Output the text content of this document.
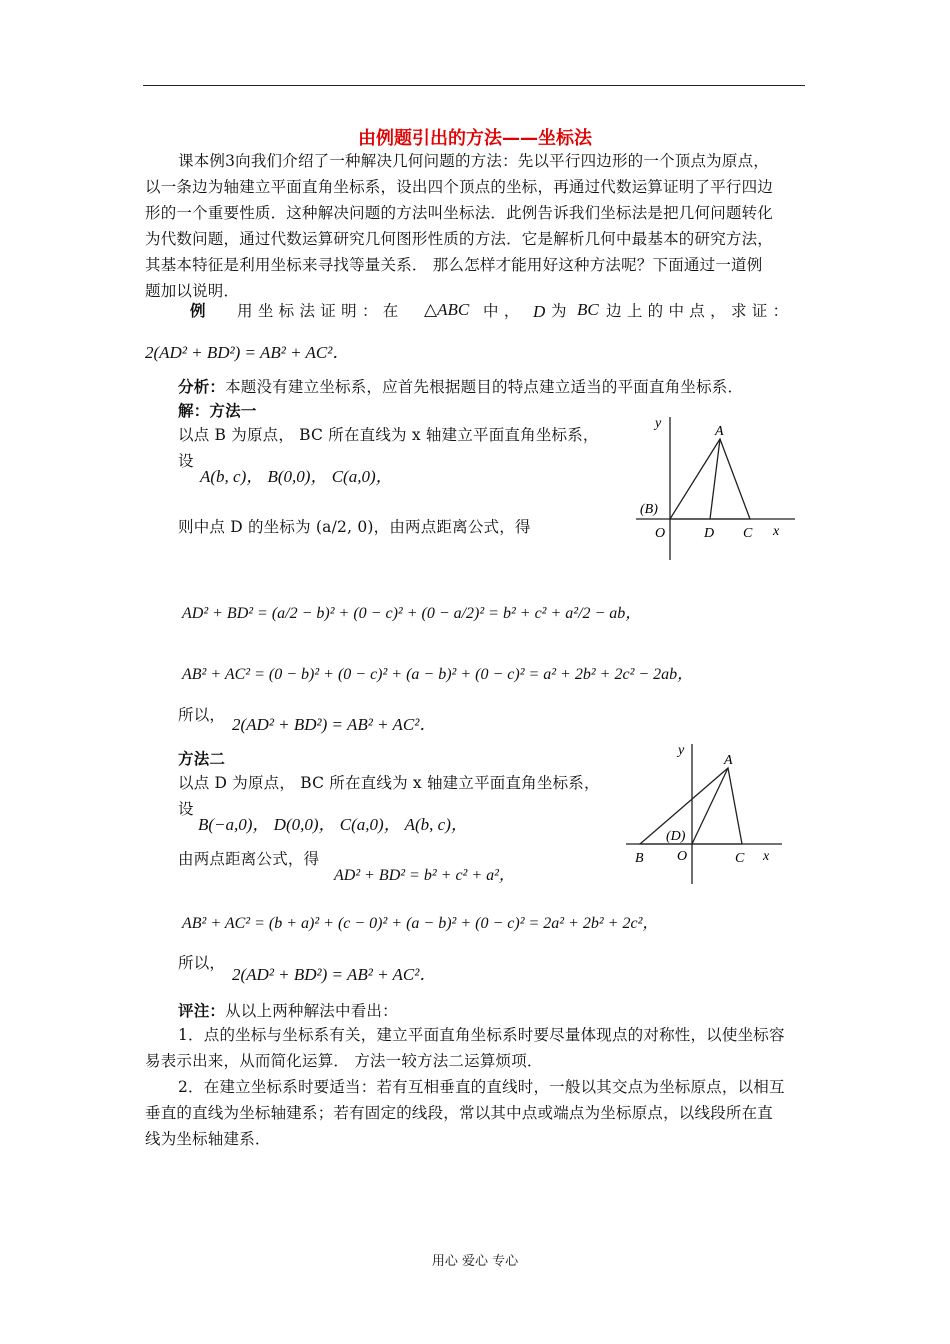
由例题引出的方法——坐标法
课本例3向我们介绍了一种解决几何问题的方法：先以平行四边形的一个顶点为原点，
以一条边为轴建立平面直角坐标系，设出四个顶点的坐标，再通过代数运算证明了平行四边
形的一个重要性质．这种解决问题的方法叫坐标法．此例告诉我们坐标法是把几何问题转化
为代数问题，通过代数运算研究几何图形性质的方法．它是解析几何中最基本的研究方法，
其基本特征是利用坐标来寻找等量关系． 那么怎样才能用好这种方法呢？下面通过一道例
题加以说明．
例 用 坐 标 法 证 明 ： 在 △ABC 中 ， D 为 BC 边 上 的 中 点 ， 求 证 ：
2(AD² + BD²) = AB² + AC²．
分析：本题没有建立坐标系，应首先根据题目的特点建立适当的平面直角坐标系．
解：方法一
以点 B 为原点， BC 所在直线为 x 轴建立平面直角坐标系，
设
A(b, c)， B(0,0)， C(a,0)，
则中点 D 的坐标为 (a/2, 0)，由两点距离公式，得
AD² + BD² = (a/2 − b)² + (0 − c)² + (0 − a/2)² = b² + c² + a²/2 − ab，
AB² + AC² = (0 − b)² + (0 − c)² + (a − b)² + (0 − c)² = a² + 2b² + 2c² − 2ab，
所以， 2(AD² + BD²) = AB² + AC²．
y
A
(B)
O	D C x
方法二
以点 D 为原点， BC 所在直线为 x 轴建立平面直角坐标系，
设
B(−a,0)， D(0,0)， C(a,0)， A(b, c)，
由两点距离公式，得
AD² + BD² = b² + c² + a²，
AB² + AC² = (b + a)² + (c − 0)² + (a − b)² + (0 − c)² = 2a² + 2b² + 2c²，
所以，
2(AD² + BD²) = AB² + AC²．
y
A
(D)
B O	C x
评注：从以上两种解法中看出：
1．点的坐标与坐标系有关，建立平面直角坐标系时要尽量体现点的对称性，以使坐标容
易表示出来，从而简化运算． 方法一较方法二运算烦项．
2．在建立坐标系时要适当：若有互相垂直的直线时，一般以其交点为坐标原点，以相互
垂直的直线为坐标轴建系；若有固定的线段，常以其中点或端点为坐标原点，以线段所在直
线为坐标轴建系．
用心 爱心 专心
